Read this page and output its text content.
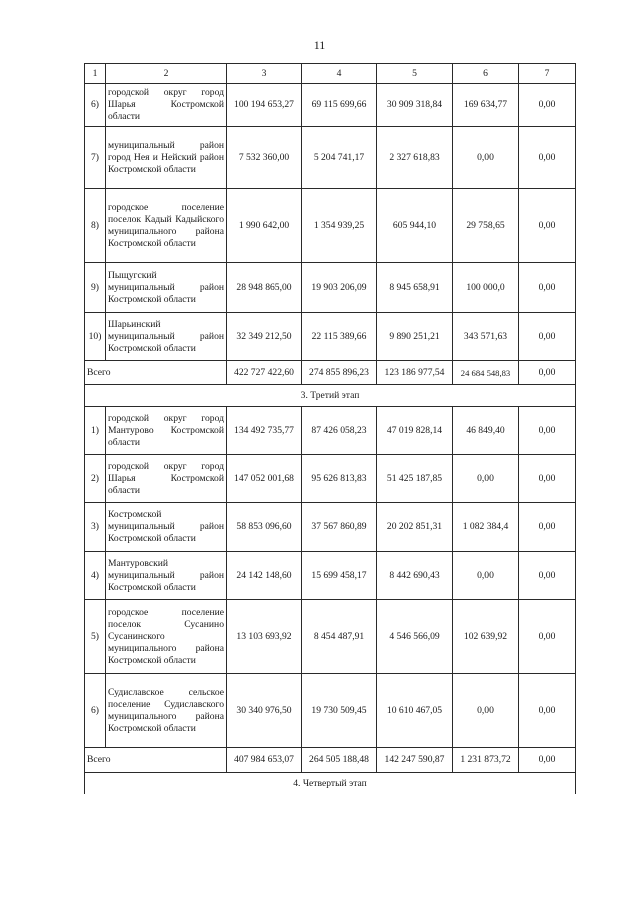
11
1	2	3	4	5	6	7
6)	городской округ город Шарья Костромской области	100 194 653,27	69 115 699,66	30 909 318,84	169 634,77	0,00
7)	муниципальный район город Нея и Нейский район Костромской области	7 532 360,00	5 204 741,17	2 327 618,83	0,00	0,00
8)	городское поселение поселок Кадый Кадыйского муниципального района Костромской области	1 990 642,00	1 354 939,25	605 944,10	29 758,65	0,00
9)	Пыщугский муниципальный район Костромской области	28 948 865,00	19 903 206,09	8 945 658,91	100 000,0	0,00
10)	Шарьинский муниципальный район Костромской области	32 349 212,50	22 115 389,66	9 890 251,21	343 571,63	0,00
Всего		422 727 422,60	274 855 896,23	123 186 977,54	24 684 548,83	0,00
3. Третий этап						
1)	городской округ город Мантурово Костромской области	134 492 735,77	87 426 058,23	47 019 828,14	46 849,40	0,00
2)	городской округ город Шарья Костромской области	147 052 001,68	95 626 813,83	51 425 187,85	0,00	0,00
3)	Костромской муниципальный район Костромской области	58 853 096,60	37 567 860,89	20 202 851,31	1 082 384,4	0,00
4)	Мантуровский муниципальный район Костромской области	24 142 148,60	15 699 458,17	8 442 690,43	0,00	0,00
5)	городское поселение поселок Сусанино Сусанинского муниципального района Костромской области	13 103 693,92	8 454 487,91	4 546 566,09	102 639,92	0,00
6)	Судиславское сельское поселение Судиславского муниципального района Костромской области	30 340 976,50	19 730 509,45	10 610 467,05	0,00	0,00
Всего		407 984 653,07	264 505 188,48	142 247 590,87	1 231 873,72	0,00
4. Четвертый этап						
